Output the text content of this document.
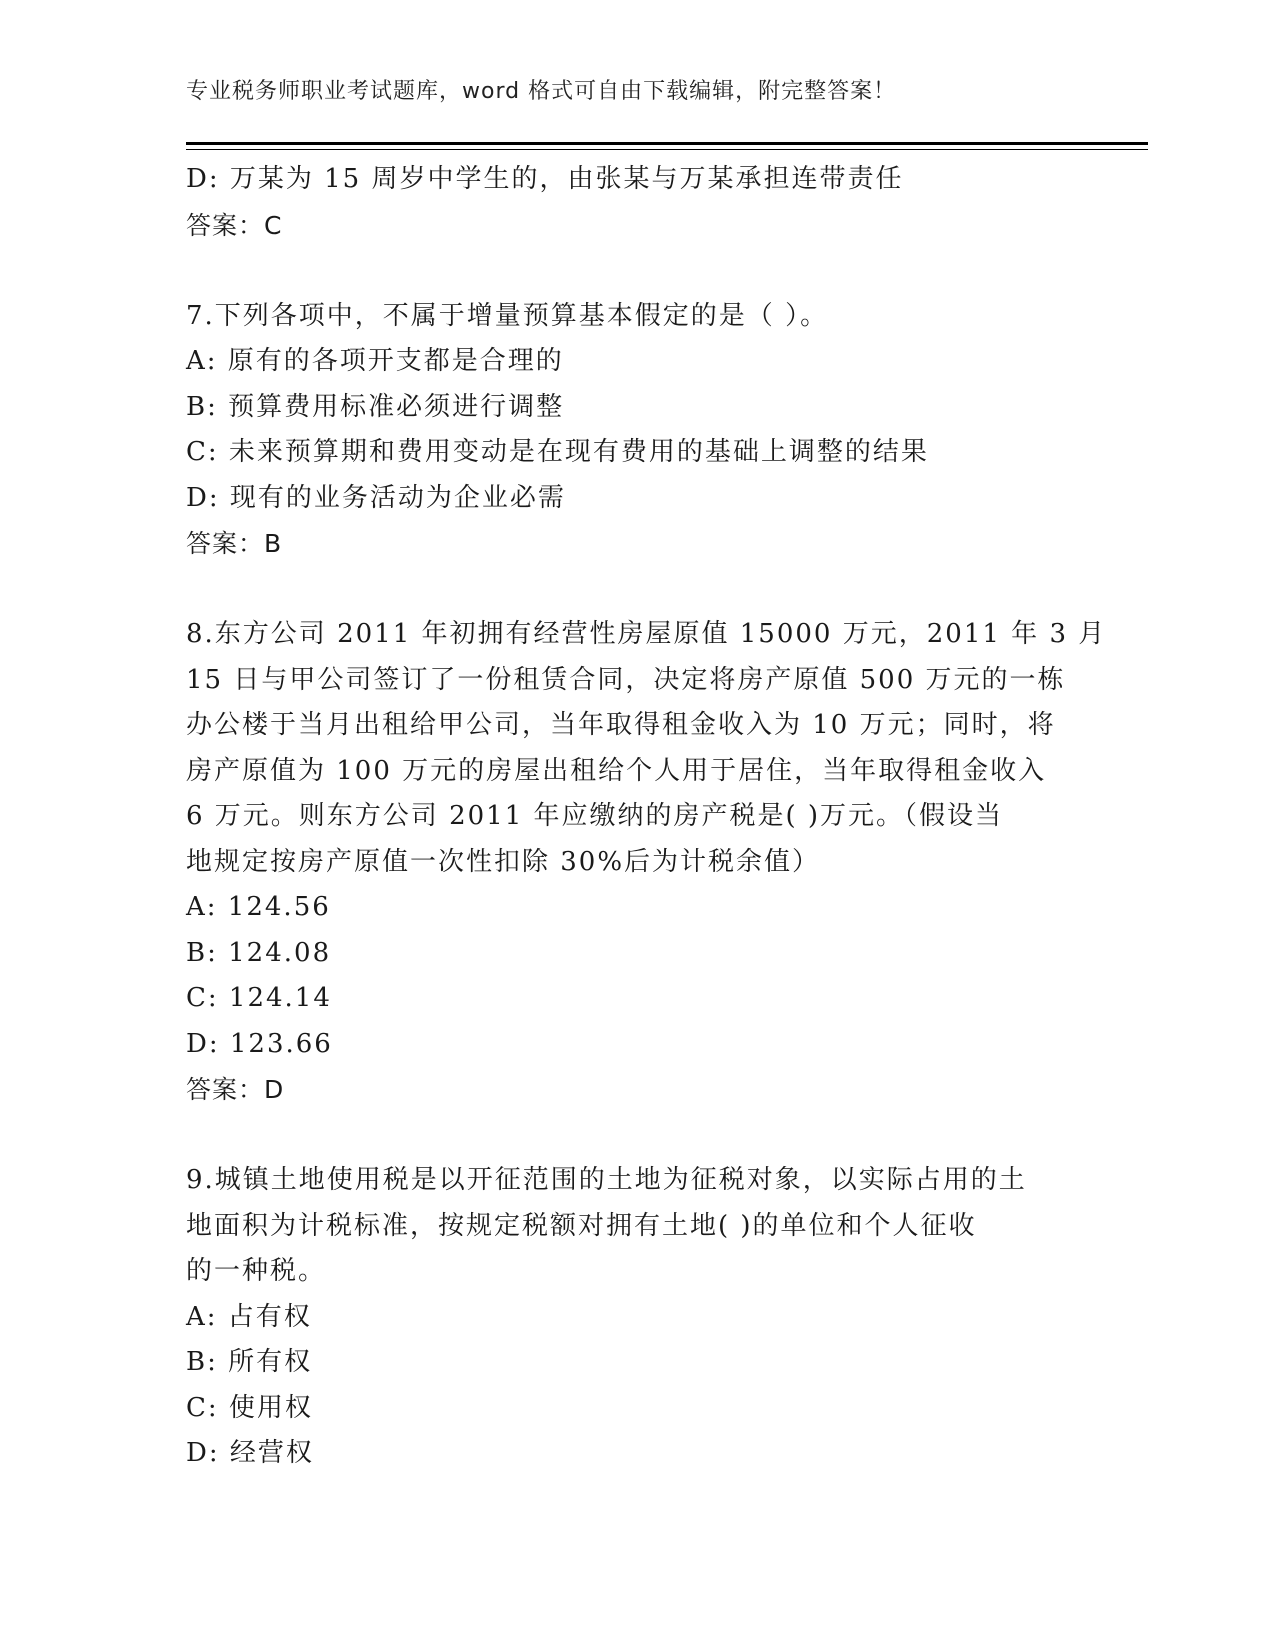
专业税务师职业考试题库，word 格式可自由下载编辑，附完整答案！
D: 万某为 15 周岁中学生的，由张某与万某承担连带责任
答案：C
7.下列各项中，不属于增量预算基本假定的是（ ）。
A: 原有的各项开支都是合理的
B: 预算费用标准必须进行调整
C: 未来预算期和费用变动是在现有费用的基础上调整的结果
D: 现有的业务活动为企业必需
答案：B
8.东方公司 2011 年初拥有经营性房屋原值 15000 万元，2011 年 3 月
15 日与甲公司签订了一份租赁合同，决定将房产原值 500 万元的一栋
办公楼于当月出租给甲公司，当年取得租金收入为 10 万元；同时，将
房产原值为 100 万元的房屋出租给个人用于居住，当年取得租金收入
6 万元。则东方公司 2011 年应缴纳的房产税是( )万元。（假设当
地规定按房产原值一次性扣除 30%后为计税余值）
A: 124.56
B: 124.08
C: 124.14
D: 123.66
答案：D
9.城镇土地使用税是以开征范围的土地为征税对象，以实际占用的土
地面积为计税标准，按规定税额对拥有土地( )的单位和个人征收
的一种税。
A: 占有权
B: 所有权
C: 使用权
D: 经营权
